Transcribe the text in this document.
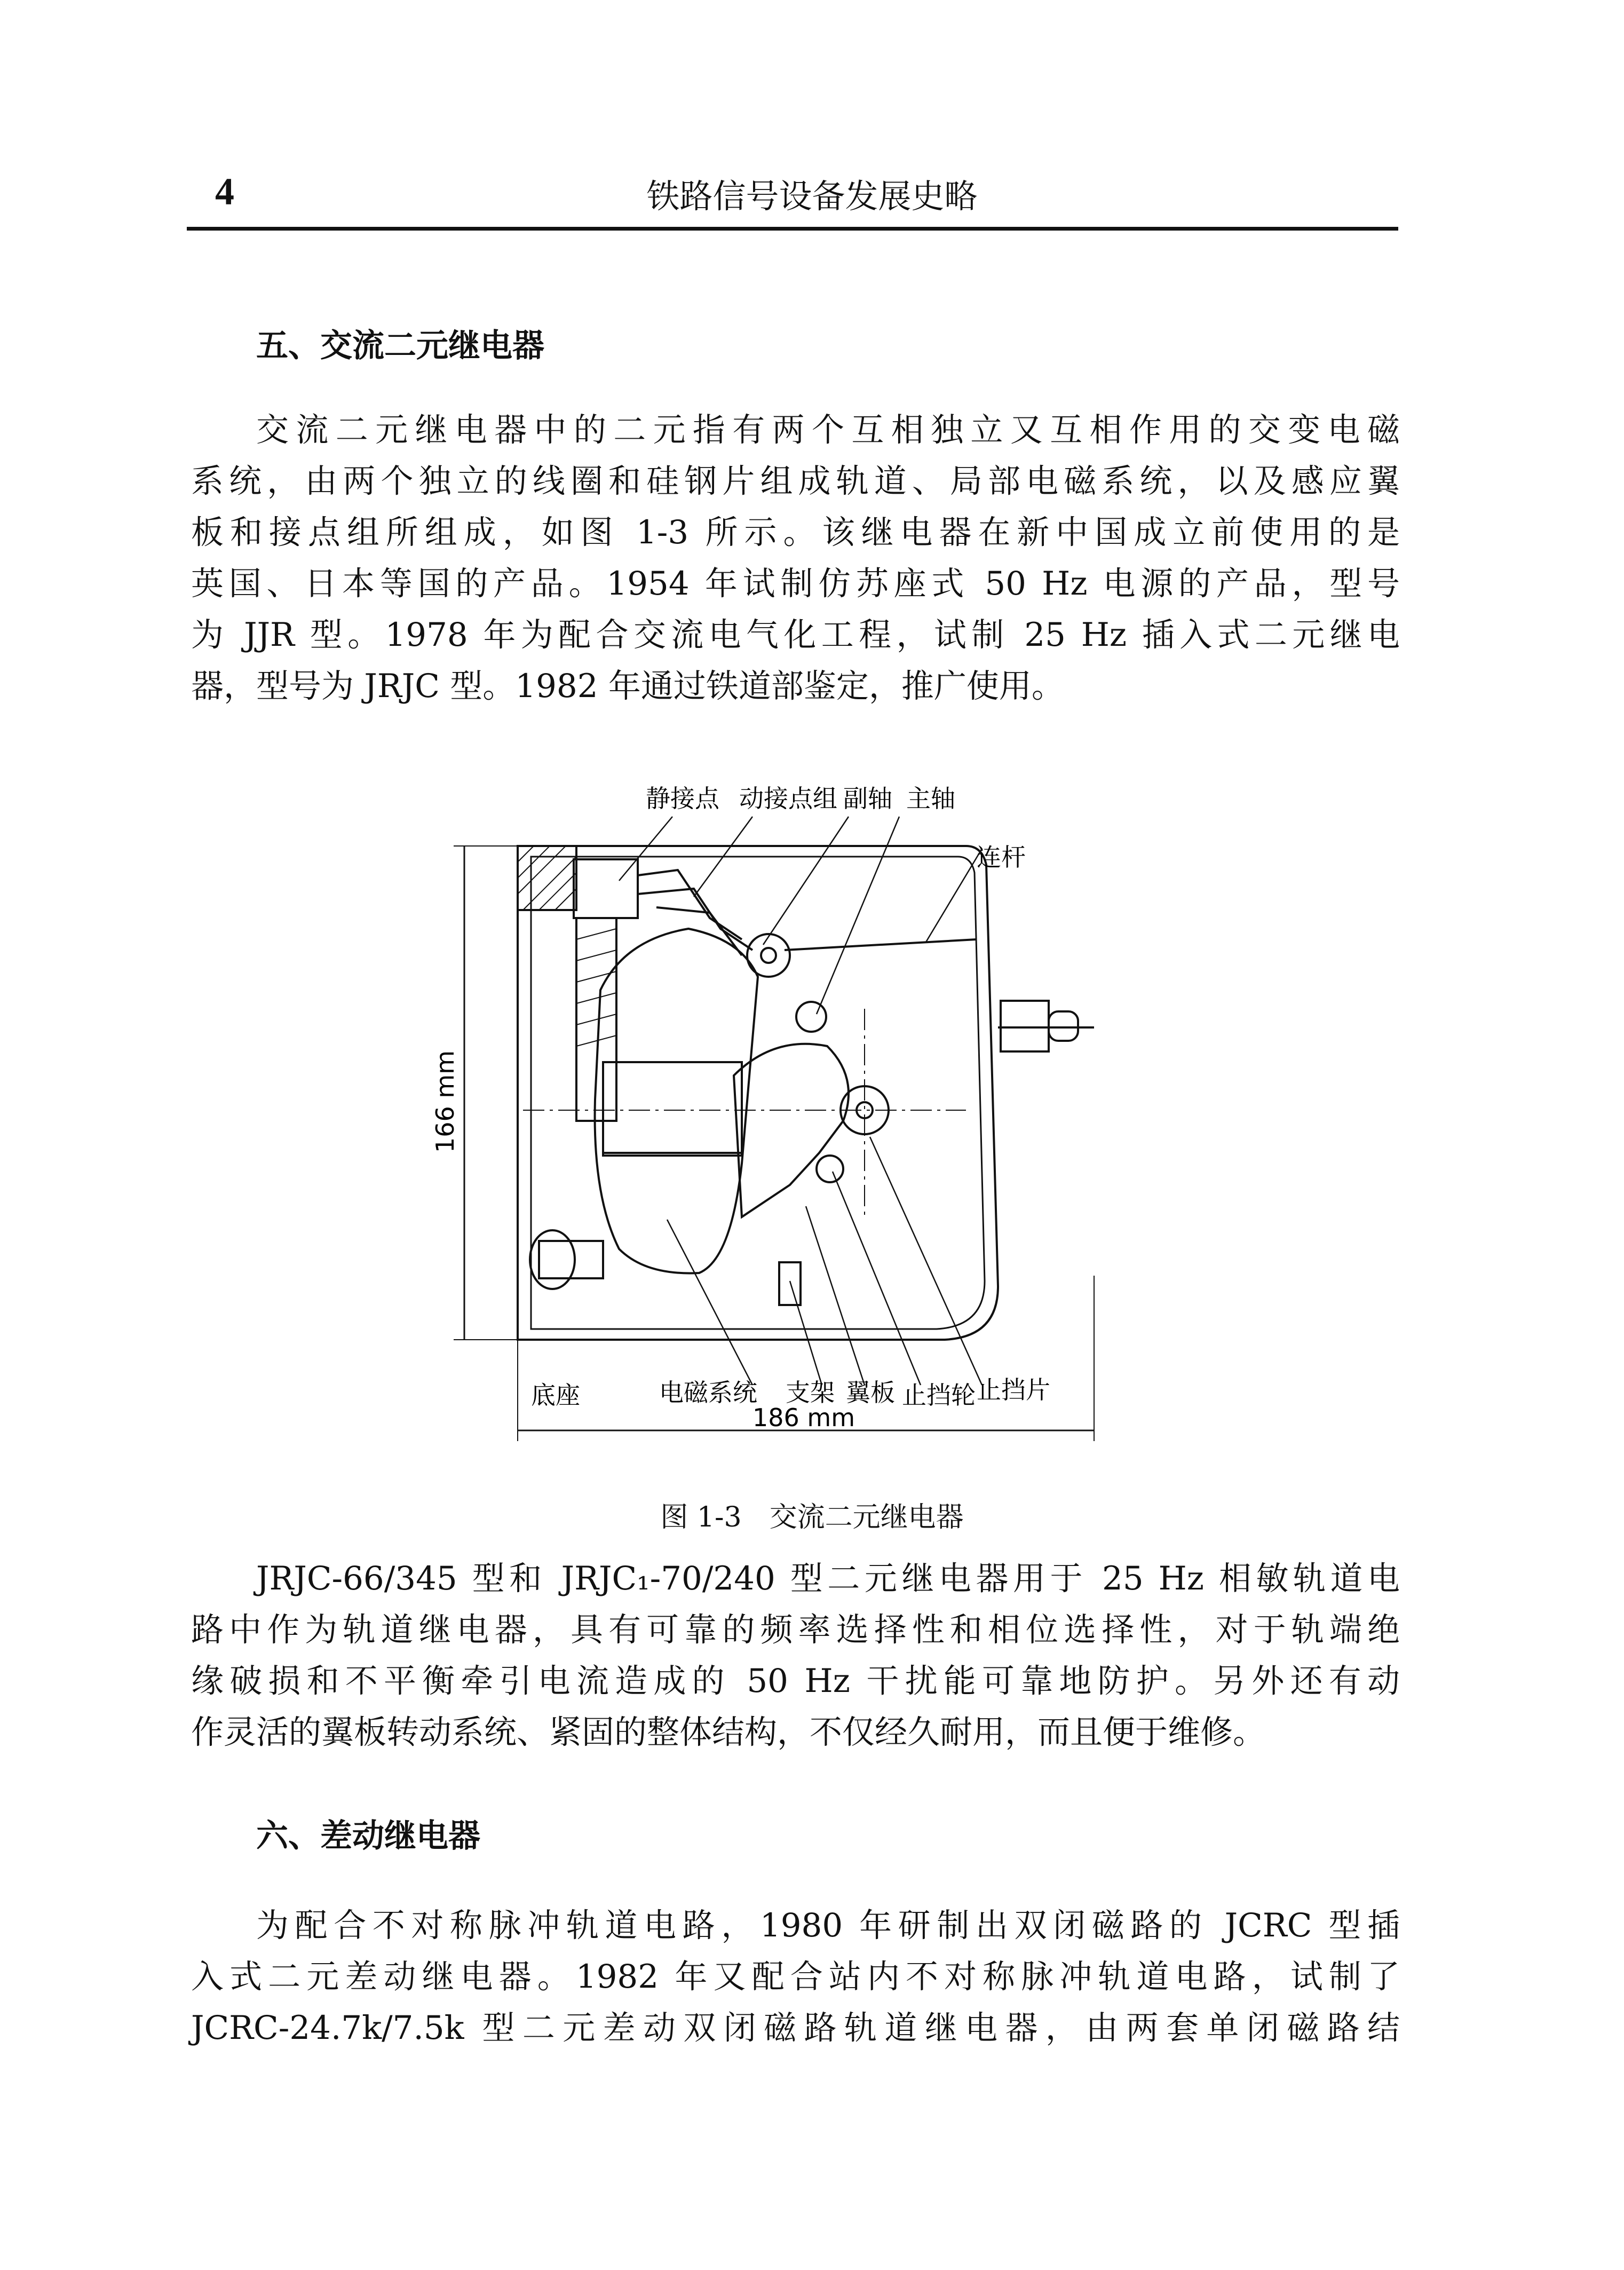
4	铁路信号设备发展史略
五、交流二元继电器
交流二元继电器中的二元指有两个互相独立又互相作用的交变电磁
系统，由两个独立的线圈和硅钢片组成轨道、局部电磁系统，以及感应翼
板和接点组所组成，如图 1-3 所示。该继电器在新中国成立前使用的是
英国、日本等国的产品。1954 年试制仿苏座式 50 Hz 电源的产品，型号
为 JJR 型。1978 年为配合交流电气化工程，试制 25 Hz 插入式二元继电
器，型号为 JRJC 型。1982 年通过铁道部鉴定，推广使用。
静接点 动接点组 副轴 主轴
连杆
166 mm
底座	电磁系统 支架 翼板 止挡轮 止挡片
186 mm
图 1-3　交流二元继电器
JRJC-66/345 型和 JRJC₁-70/240 型二元继电器用于 25 Hz 相敏轨道电
路中作为轨道继电器，具有可靠的频率选择性和相位选择性，对于轨端绝
缘破损和不平衡牵引电流造成的 50 Hz 干扰能可靠地防护。另外还有动
作灵活的翼板转动系统、紧固的整体结构，不仅经久耐用，而且便于维修。
六、差动继电器
为配合不对称脉冲轨道电路，1980 年研制出双闭磁路的 JCRC 型插
入式二元差动继电器。1982 年又配合站内不对称脉冲轨道电路，试制了
JCRC-24.7k/7.5k 型二元差动双闭磁路轨道继电器，由两套单闭磁路结
